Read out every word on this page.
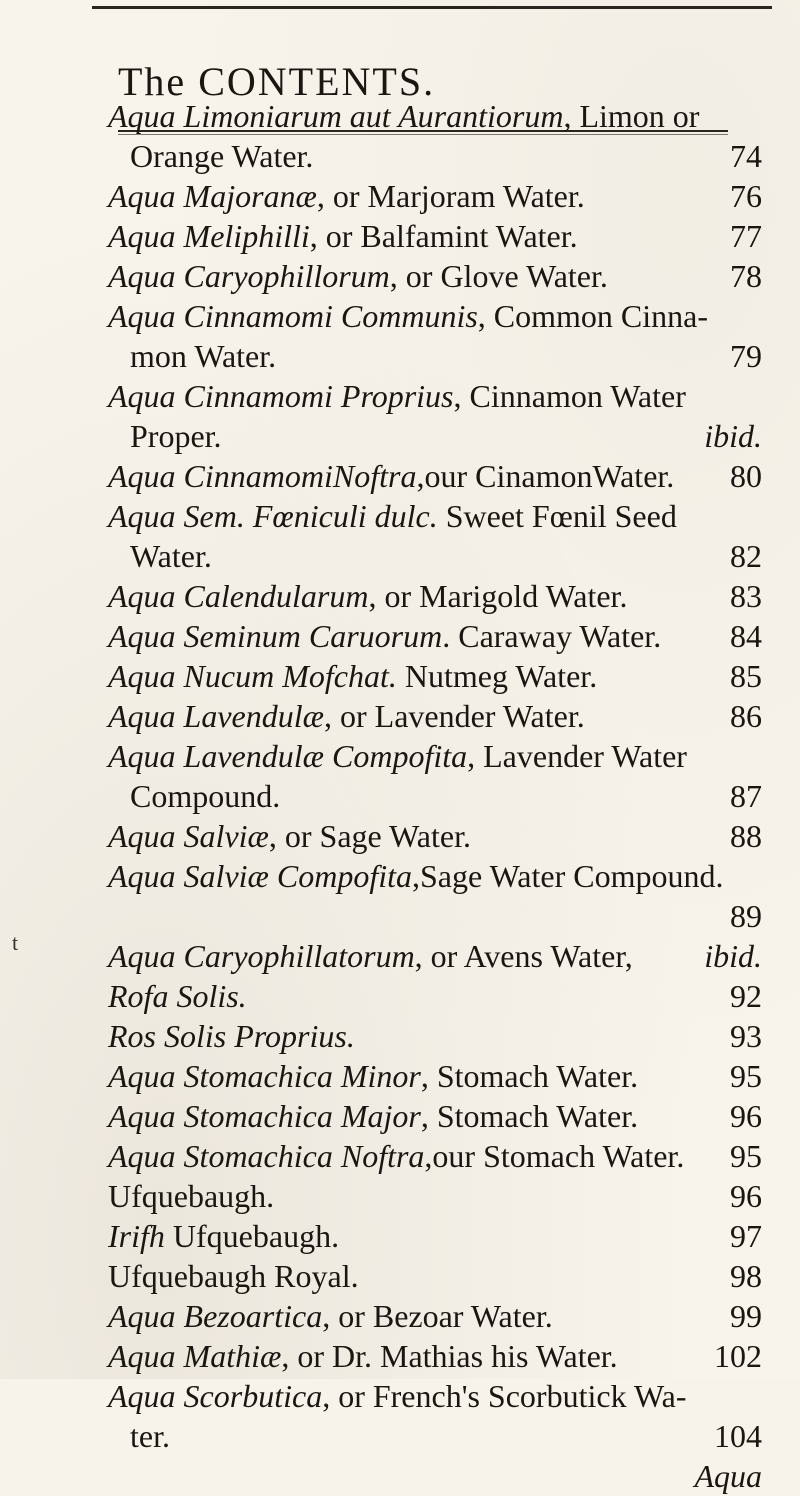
The CONTENTS.
t
Aqua Limoniarum aut Aurantiorum, Limon or
Orange Water.	74
Aqua Majoranæ, or Marjoram Water.	76
Aqua Meliphilli, or Balfamint Water.	77
Aqua Caryophillorum, or Glove Water.	78
Aqua Cinnamomi Communis, Common Cinna-
mon Water.	79
Aqua Cinnamomi Proprius, Cinnamon Water
Proper.	ibid.
Aqua CinnamomiNoftra,our CinamonWater. 80
Aqua Sem. Fœniculi dulc. Sweet Fœnil Seed
Water.	82
Aqua Calendularum, or Marigold Water.	83
Aqua Seminum Caruorum. Caraway Water. 84
Aqua Nucum Mofchat. Nutmeg Water.	85
Aqua Lavendulæ, or Lavender Water.	86
Aqua Lavendulæ Compofita, Lavender Water
Compound.	87
Aqua Salviæ, or Sage Water.	88
Aqua Salviæ Compofita,Sage Water Compound.
89
Aqua Caryophillatorum, or Avens Water, ibid.
Rofa Solis.	92
Ros Solis Proprius.	93
Aqua Stomachica Minor, Stomach Water.	95
Aqua Stomachica Major, Stomach Water.	96
Aqua Stomachica Noftra,our Stomach Water. 95
Ufquebaugh.	96
Irifh Ufquebaugh.	97
Ufquebaugh Royal.	98
Aqua Bezoartica, or Bezoar Water.	99
Aqua Mathiæ, or Dr. Mathias his Water.	102
Aqua Scorbutica, or French's Scorbutick Wa-
ter.	104
Aqua
